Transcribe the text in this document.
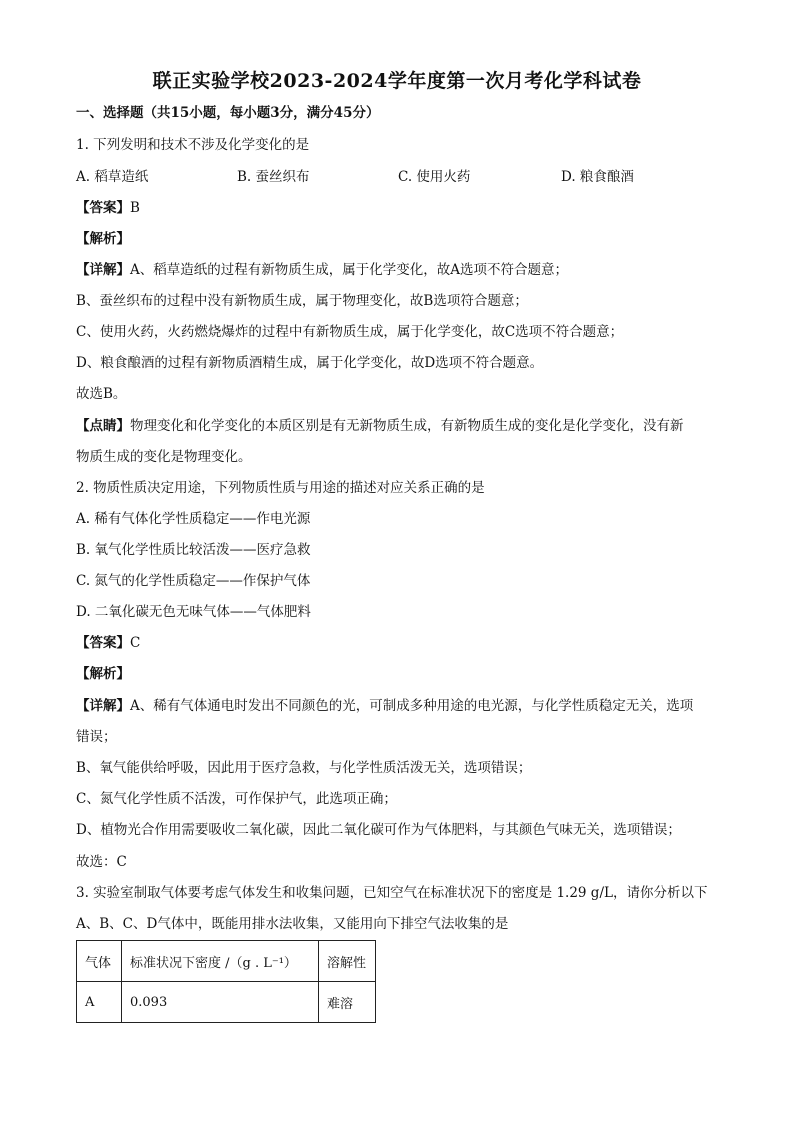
联正实验学校2023-2024学年度第一次月考化学科试卷
一、选择题（共15小题，每小题3分，满分45分）
1. 下列发明和技术不涉及化学变化的是
A. 稻草造纸	B. 蚕丝织布	C. 使用火药	D. 粮食酿酒
【答案】B
【解析】
【详解】A、稻草造纸的过程有新物质生成，属于化学变化，故A选项不符合题意；
B、蚕丝织布的过程中没有新物质生成，属于物理变化，故B选项符合题意；
C、使用火药，火药燃烧爆炸的过程中有新物质生成，属于化学变化，故C选项不符合题意；
D、粮食酿酒的过程有新物质酒精生成，属于化学变化，故D选项不符合题意。
故选B。
【点睛】物理变化和化学变化的本质区别是有无新物质生成，有新物质生成的变化是化学变化，没有新
物质生成的变化是物理变化。
2. 物质性质决定用途，下列物质性质与用途的描述对应关系正确的是
A. 稀有气体化学性质稳定——作电光源
B. 氧气化学性质比较活泼——医疗急救
C. 氮气的化学性质稳定——作保护气体
D. 二氧化碳无色无味气体——气体肥料
【答案】C
【解析】
【详解】A、稀有气体通电时发出不同颜色的光，可制成多种用途的电光源，与化学性质稳定无关，选项
错误；
B、氧气能供给呼吸，因此用于医疗急救，与化学性质活泼无关，选项错误；
C、氮气化学性质不活泼，可作保护气，此选项正确；
D、植物光合作用需要吸收二氧化碳，因此二氧化碳可作为气体肥料，与其颜色气味无关，选项错误；
故选：C
3. 实验室制取气体要考虑气体发生和收集问题，已知空气在标准状况下的密度是 1.29 g/L，请你分析以下
A、B、C、D气体中，既能用排水法收集，又能用向下排空气法收集的是
气体	标准状况下密度 /（g . L⁻¹）	溶解性
A	0.093	难溶
